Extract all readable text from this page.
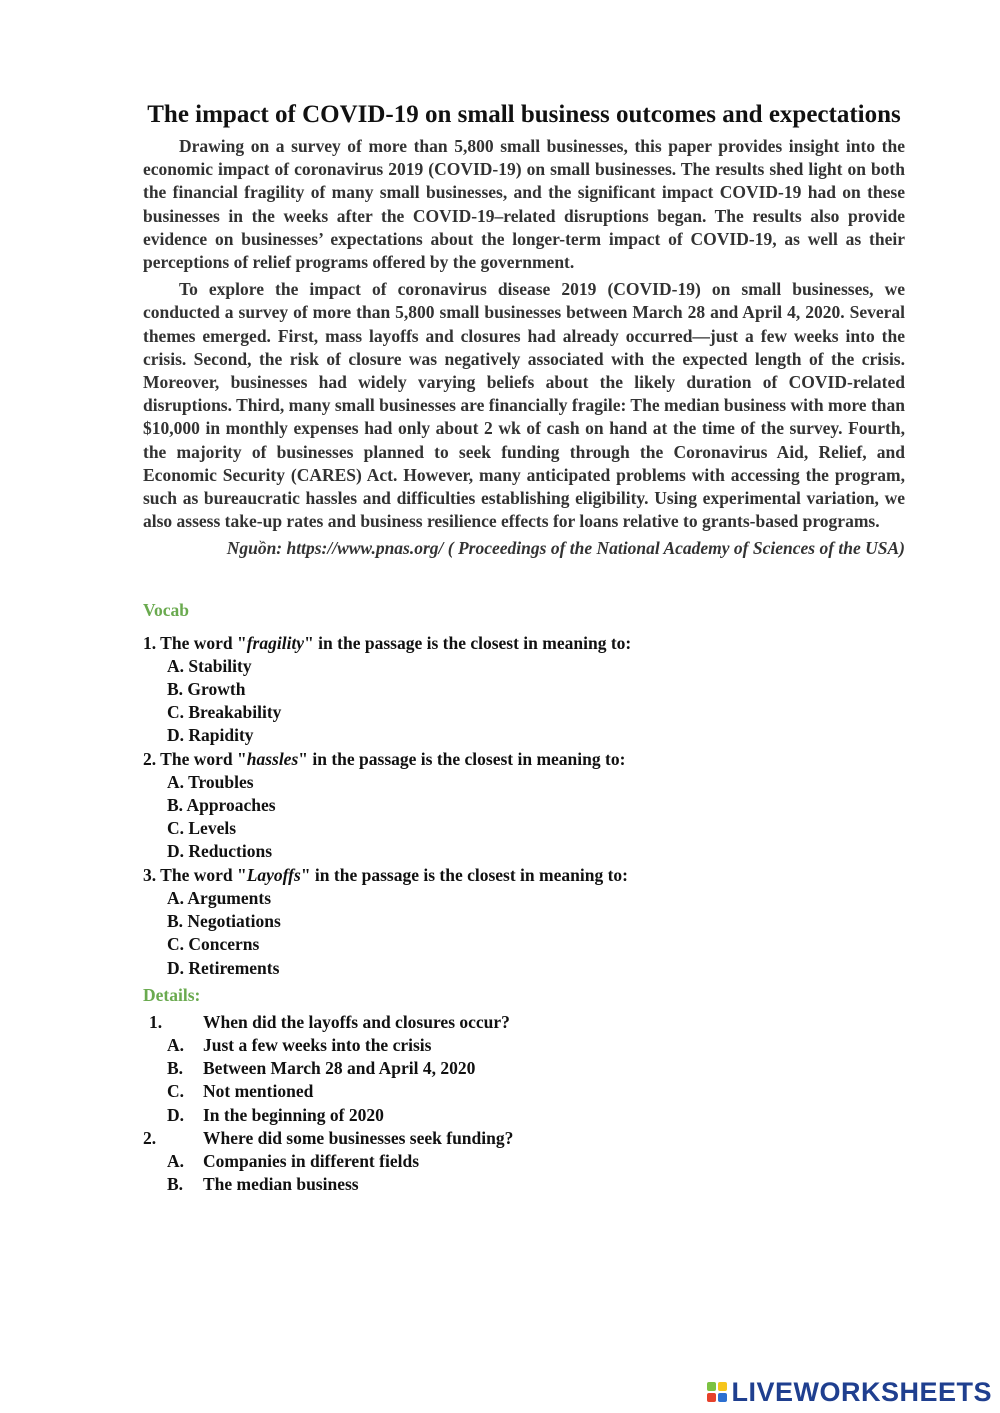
The impact of COVID-19 on small business outcomes and expectations

Drawing on a survey of more than 5,800 small businesses, this paper provides insight into the economic impact of coronavirus 2019 (COVID-19) on small businesses. The results shed light on both the financial fragility of many small businesses, and the significant impact COVID-19 had on these businesses in the weeks after the COVID-19–related disruptions began. The results also provide evidence on businesses’ expectations about the longer-term impact of COVID-19, as well as their perceptions of relief programs offered by the government.

To explore the impact of coronavirus disease 2019 (COVID-19) on small businesses, we conducted a survey of more than 5,800 small businesses between March 28 and April 4, 2020. Several themes emerged. First, mass layoffs and closures had already occurred—just a few weeks into the crisis. Second, the risk of closure was negatively associated with the expected length of the crisis. Moreover, businesses had widely varying beliefs about the likely duration of COVID-related disruptions. Third, many small businesses are financially fragile: The median business with more than $10,000 in monthly expenses had only about 2 wk of cash on hand at the time of the survey. Fourth, the majority of businesses planned to seek funding through the Coronavirus Aid, Relief, and Economic Security (CARES) Act. However, many anticipated problems with accessing the program, such as bureaucratic hassles and difficulties establishing eligibility. Using experimental variation, we also assess take-up rates and business resilience effects for loans relative to grants-based programs.

Nguồn: https://www.pnas.org/ ( Proceedings of the National Academy of Sciences of the USA)

Vocab
1. The word "fragility" in the passage is the closest in meaning to:
A. Stability
B. Growth
C. Breakability
D. Rapidity
2. The word "hassles" in the passage is the closest in meaning to:
A. Troubles
B. Approaches
C. Levels
D. Reductions
3. The word "Layoffs" in the passage is the closest in meaning to:
A. Arguments
B. Negotiations
C. Concerns
D. Retirements
Details:
1. When did the layoffs and closures occur?
A. Just a few weeks into the crisis
B. Between March 28 and April 4, 2020
C. Not mentioned
D. In the beginning of 2020
2.	Where did some businesses seek funding?
A. Companies in different fields
B. The median business
LIVEWORKSHEETS
